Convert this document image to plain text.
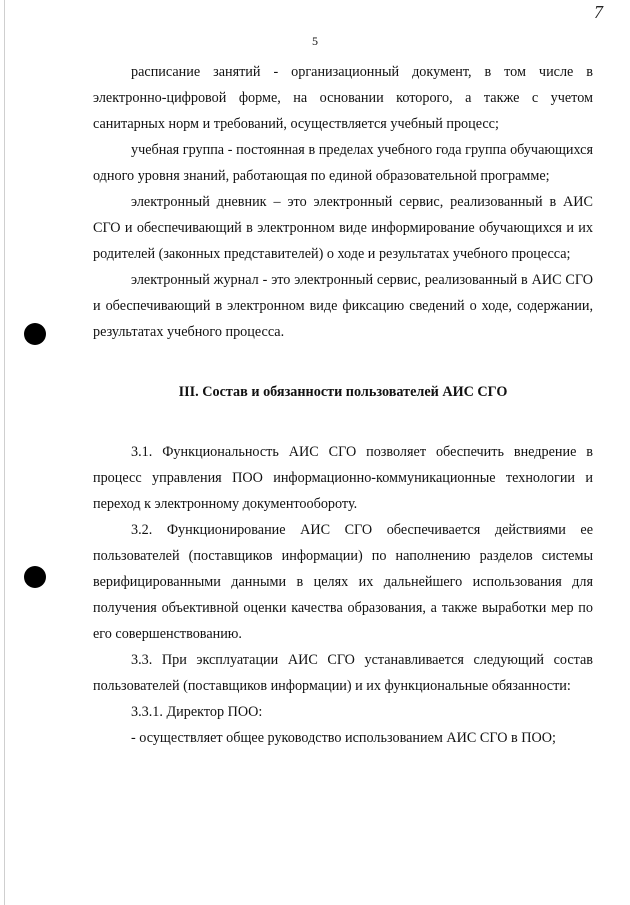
7
5

расписание занятий - организационный документ, в том числе в электронно-цифровой форме, на основании которого, а также с учетом санитарных норм и требований, осуществляется учебный процесс;

учебная группа - постоянная в пределах учебного года группа обучающихся одного уровня знаний, работающая по единой образовательной программе;

электронный дневник – это электронный сервис, реализованный в АИС СГО и обеспечивающий в электронном виде информирование обучающихся и их родителей (законных представителей) о ходе и результатах учебного процесса;

электронный журнал - это электронный сервис, реализованный в АИС СГО и обеспечивающий в электронном виде фиксацию сведений о ходе, содержании, результатах учебного процесса.

III. Состав и обязанности пользователей АИС СГО

3.1. Функциональность АИС СГО позволяет обеспечить внедрение в процесс управления ПОО информационно-коммуникационные технологии и переход к электронному документообороту.

3.2. Функционирование АИС СГО обеспечивается действиями ее пользователей (поставщиков информации) по наполнению разделов системы верифицированными данными в целях их дальнейшего использования для получения объективной оценки качества образования, а также выработки мер по его совершенствованию.

3.3. При эксплуатации АИС СГО устанавливается следующий состав пользователей (поставщиков информации) и их функциональные обязанности:

3.3.1. Директор ПОО:

- осуществляет общее руководство использованием АИС СГО в ПОО;
